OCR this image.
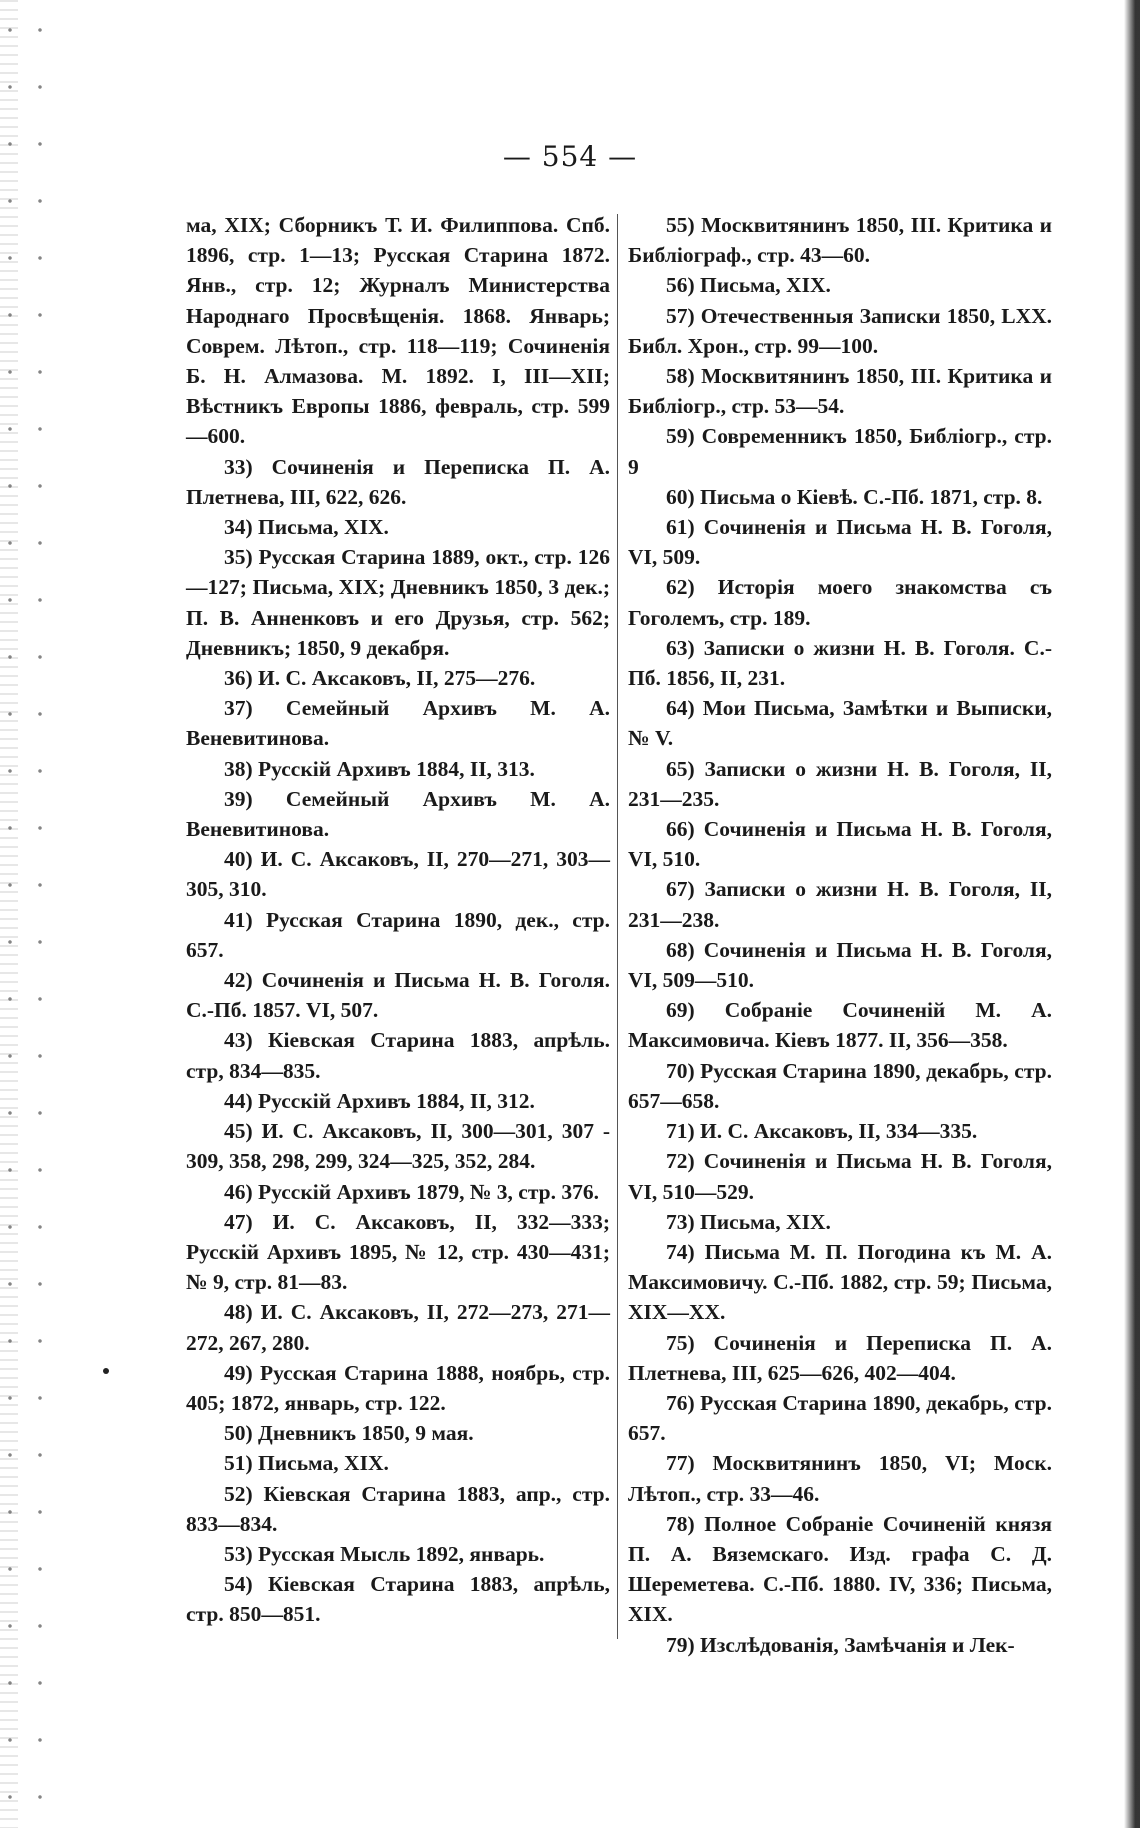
— 554 —

ма, XIX; Сборникъ Т. И. Филиппова. Спб. 1896, стр. 1—13; Русская Старина 1872. Янв., стр. 12; Журналъ Министерства Народнаго Просвѣщенія. 1868. Январь; Соврем. Лѣтоп., стр. 118—119; Сочиненія Б. Н. Алмазова. М. 1892. I, III—XII; Вѣстникъ Европы 1886, февраль, стр. 599—600.

33) Сочиненія и Переписка П. А. Плетнева, III, 622, 626.

34) Письма, XIX.

35) Русская Старина 1889, окт., стр. 126—127; Письма, XIX; Дневникъ 1850, 3 дек.; П. В. Анненковъ и его Друзья, стр. 562; Дневникъ; 1850, 9 декабря.

36) И. С. Аксаковъ, II, 275—276.

37) Семейный Архивъ М. А. Веневитинова.

38) Русскій Архивъ 1884, II, 313.

39) Семейный Архивъ М. А. Веневитинова.

40) И. С. Аксаковъ, II, 270—271, 303—305, 310.

41) Русская Старина 1890, дек., стр. 657.

42) Сочиненія и Письма Н. В. Гоголя. С.-Пб. 1857. VI, 507.

43) Кіевская Старина 1883, апрѣль. стр, 834—835.

44) Русскій Архивъ 1884, II, 312.

45) И. С. Аксаковъ, II, 300—301, 307 - 309, 358, 298, 299, 324—325, 352, 284.

46) Русскій Архивъ 1879, № 3, стр. 376.

47) И. С. Аксаковъ, II, 332—333; Русскій Архивъ 1895, № 12, стр. 430—431; № 9, стр. 81—83.

48) И. С. Аксаковъ, II, 272—273, 271—272, 267, 280.

49) Русская Старина 1888, ноябрь, стр. 405; 1872, январь, стр. 122.

50) Дневникъ 1850, 9 мая.

51) Письма, XIX.

52) Кіевская Старина 1883, апр., стр. 833—834.

53) Русская Мысль 1892, январь.

54) Кіевская Старина 1883, апрѣль, стр. 850—851.

55) Москвитянинъ 1850, III. Критика и Библіограф., стр. 43—60.

56) Письма, XIX.

57) Отечественныя Записки 1850, LXX. Библ. Хрон., стр. 99—100.

58) Москвитянинъ 1850, III. Критика и Библіогр., стр. 53—54.

59) Современникъ 1850, Библіогр., стр. 9

60) Письма о Кіевѣ. С.-Пб. 1871, стр. 8.

61) Сочиненія и Письма Н. В. Гоголя, VI, 509.

62) Исторія моего знакомства съ Гоголемъ, стр. 189.

63) Записки о жизни Н. В. Гоголя. С.-Пб. 1856, II, 231.

64) Мои Письма, Замѣтки и Выписки, № V.

65) Записки о жизни Н. В. Гоголя, II, 231—235.

66) Сочиненія и Письма Н. В. Гоголя, VI, 510.

67) Записки о жизни Н. В. Гоголя, II, 231—238.

68) Сочиненія и Письма Н. В. Гоголя, VI, 509—510.

69) Собраніе Сочиненій М. А. Максимовича. Кіевъ 1877. II, 356—358.

70) Русская Старина 1890, декабрь, стр. 657—658.

71) И. С. Аксаковъ, II, 334—335.

72) Сочиненія и Письма Н. В. Гоголя, VI, 510—529.

73) Письма, XIX.

74) Письма М. П. Погодина къ М. А. Максимовичу. С.-Пб. 1882, стр. 59; Письма, XIX—XX.

75) Сочиненія и Переписка П. А. Плетнева, III, 625—626, 402—404.

76) Русская Старина 1890, декабрь, стр. 657.

77) Москвитянинъ 1850, VI; Моск. Лѣтоп., стр. 33—46.

78) Полное Собраніе Сочиненій князя П. А. Вяземскаго. Изд. графа С. Д. Шереметева. С.-Пб. 1880. IV, 336; Письма, XIX.

79) Изслѣдованія, Замѣчанія и Лек-
